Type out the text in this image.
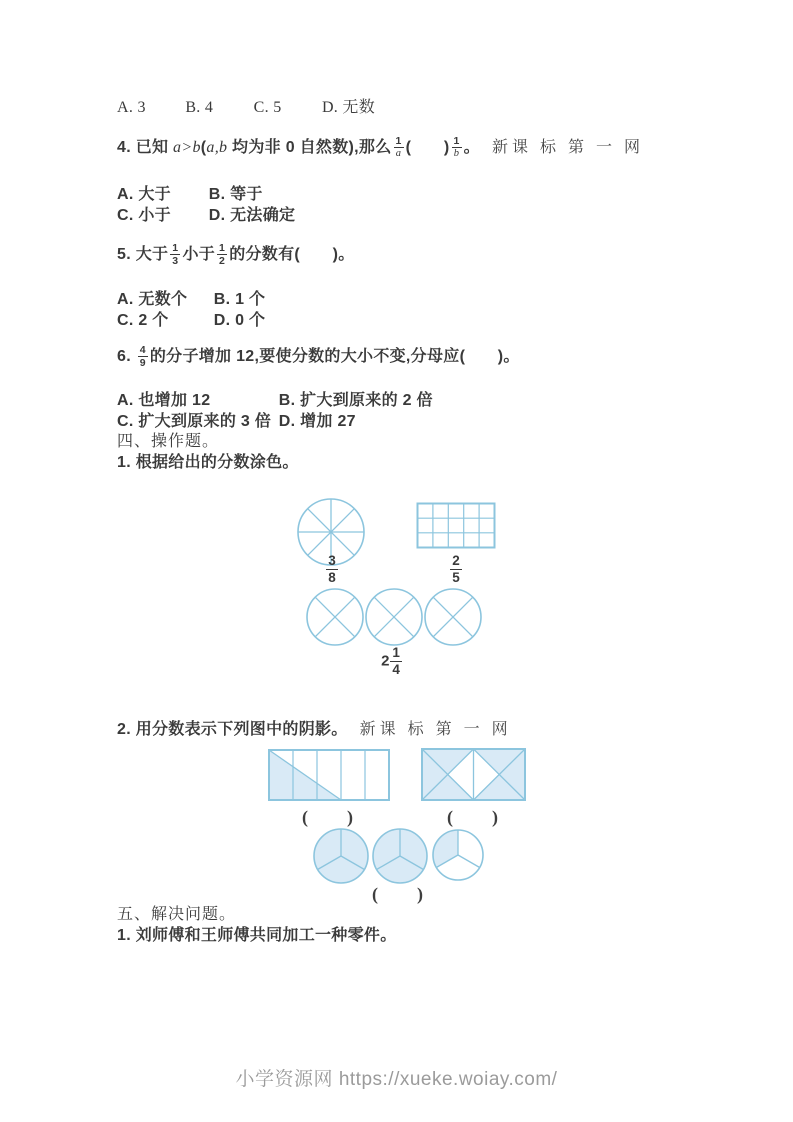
A. 3 B. 4	C. 5	D. 无数
4. 已知 a>b(a,b 均为非 0 自然数),那么 $\frac{1}{a}$ (　　) $\frac{1}{b}$ 。 新课 标 第 一 网
A. 大于 B. 等于
C. 小于 D. 无法确定
5. 大于 $\frac{1}{3}$ 小于 $\frac{1}{2}$ 的分数有(　　)。
A. 无数个 B. 1 个
C. 2 个	D. 0 个
6. $\frac{4}{9}$ 的分子增加 12,要使分数的大小不变,分母应(　　)。
A. 也增加 12	B. 扩大到原来的 2 倍
C. 扩大到原来的 3 倍 D. 增加 27
四、操作题。
1. 根据给出的分数涂色。
$\frac{3}{8}$	$\frac{2}{5}$
$2 \frac{1}{4}$
2. 用分数表示下列图中的阴影。 新课 标 第 一 网
(　　)	(　　)
(　　)
五、解决问题。
1. 刘师傅和王师傅共同加工一种零件。
小学资源网 https://xueke.woiay.com/
